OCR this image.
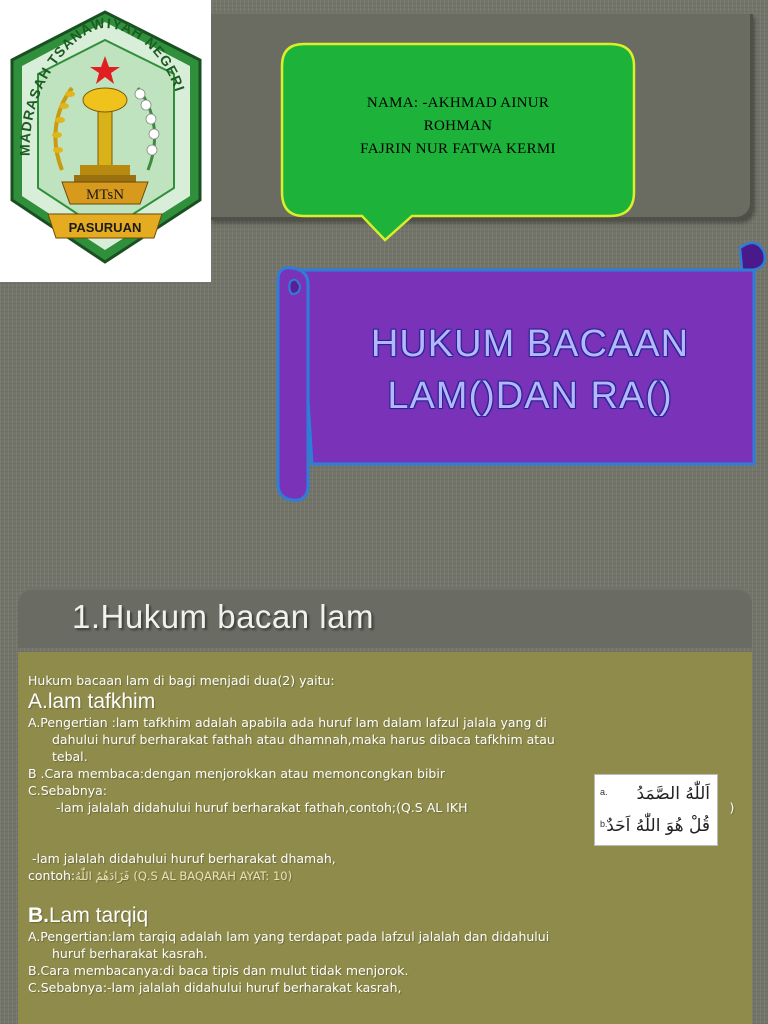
MADRASAH TSANAWIYAH NEGERI
MTsN
PASURUAN
NAMA: -AKHMAD AINUR
ROHMAN
FAJRIN NUR FATWA KERMI
HUKUM BACAAN
LAM()DAN RA()
1.Hukum bacan lam
Hukum bacaan lam di bagi menjadi dua(2) yaitu:
A.lam tafkhim
A.Pengertian :lam tafkhim adalah apabila ada huruf lam dalam lafzul jalala yang di
dahului huruf berharakat fathah atau dhamnah,maka harus dibaca tafkhim atau
tebal.
B .Cara membaca:dengan menjorokkan atau memoncongkan bibir
C.Sebabnya:
-lam jalalah didahului huruf berharakat fathah,contoh;(Q.S AL IKH	)
-lam jalalah didahului huruf berharakat dhamah,
contoh:فَزَادَهُمُ اللّٰهُ (Q.S AL BAQARAH AYAT: 10)
B.Lam tarqiq
A.Pengertian:lam tarqiq adalah lam yang terdapat pada lafzul jalalah dan didahului
huruf berharakat kasrah.
B.Cara membacanya:di baca tipis dan mulut tidak menjorok.
C.Sebabnya:-lam jalalah didahului huruf berharakat kasrah,
a. اَللّٰهُ الصَّمَدُ
b.
قُلْ هُوَ اللّٰهُ اَحَدٌ
